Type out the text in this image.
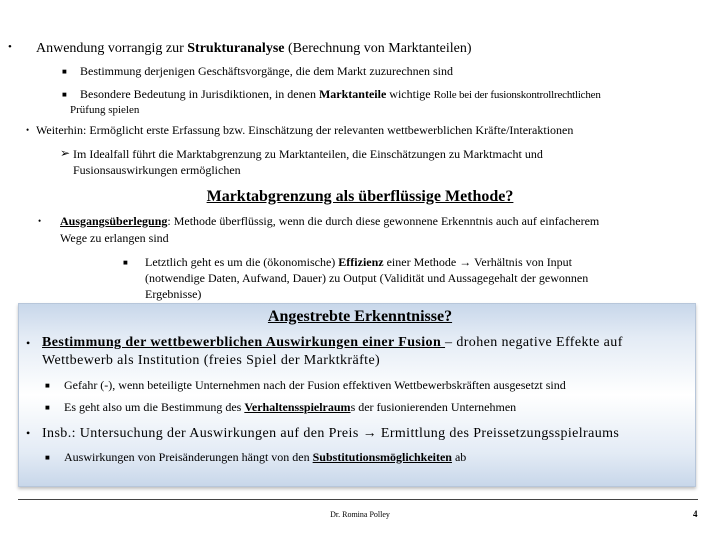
• Anwendung vorrangig zur Strukturanalyse (Berechnung von Marktanteilen)
■ Bestimmung derjenigen Geschäftsvorgänge, die dem Markt zuzurechnen sind
■ Besondere Bedeutung in Jurisdiktionen, in denen Marktanteile wichtige Rolle bei der fusionskontrollrechtlichen
Prüfung spielen
• Weiterhin: Ermöglicht erste Erfassung bzw. Einschätzung der relevanten wettbewerblichen Kräfte/Interaktionen
➢ Im Idealfall führt die Marktabgrenzung zu Marktanteilen, die Einschätzungen zu Marktmacht und
Fusionsauswirkungen ermöglichen
Marktabgrenzung als überflüssige Methode?
• Ausgangsüberlegung: Methode überflüssig, wenn die durch diese gewonnene Erkenntnis auch auf einfacherem
Wege zu erlangen sind
■ Letztlich geht es um die (ökonomische) Effizienz einer Methode → Verhältnis von Input
(notwendige Daten, Aufwand, Dauer) zu Output (Validität und Aussagegehalt der gewonnen
Ergebnisse)
Angestrebte Erkenntnisse?
• Bestimmung der wettbewerblichen Auswirkungen einer Fusion – drohen negative Effekte auf
Wettbewerb als Institution (freies Spiel der Marktkräfte)
■ Gefahr (-), wenn beteiligte Unternehmen nach der Fusion effektiven Wettbewerbskräften ausgesetzt sind
■ Es geht also um die Bestimmung des Verhaltensspielraums der fusionierenden Unternehmen
• Insb.: Untersuchung der Auswirkungen auf den Preis → Ermittlung des Preissetzungsspielraums
■ Auswirkungen von Preisänderungen hängt von den Substitutionsmöglichkeiten ab
Dr. Romina Polley	4
